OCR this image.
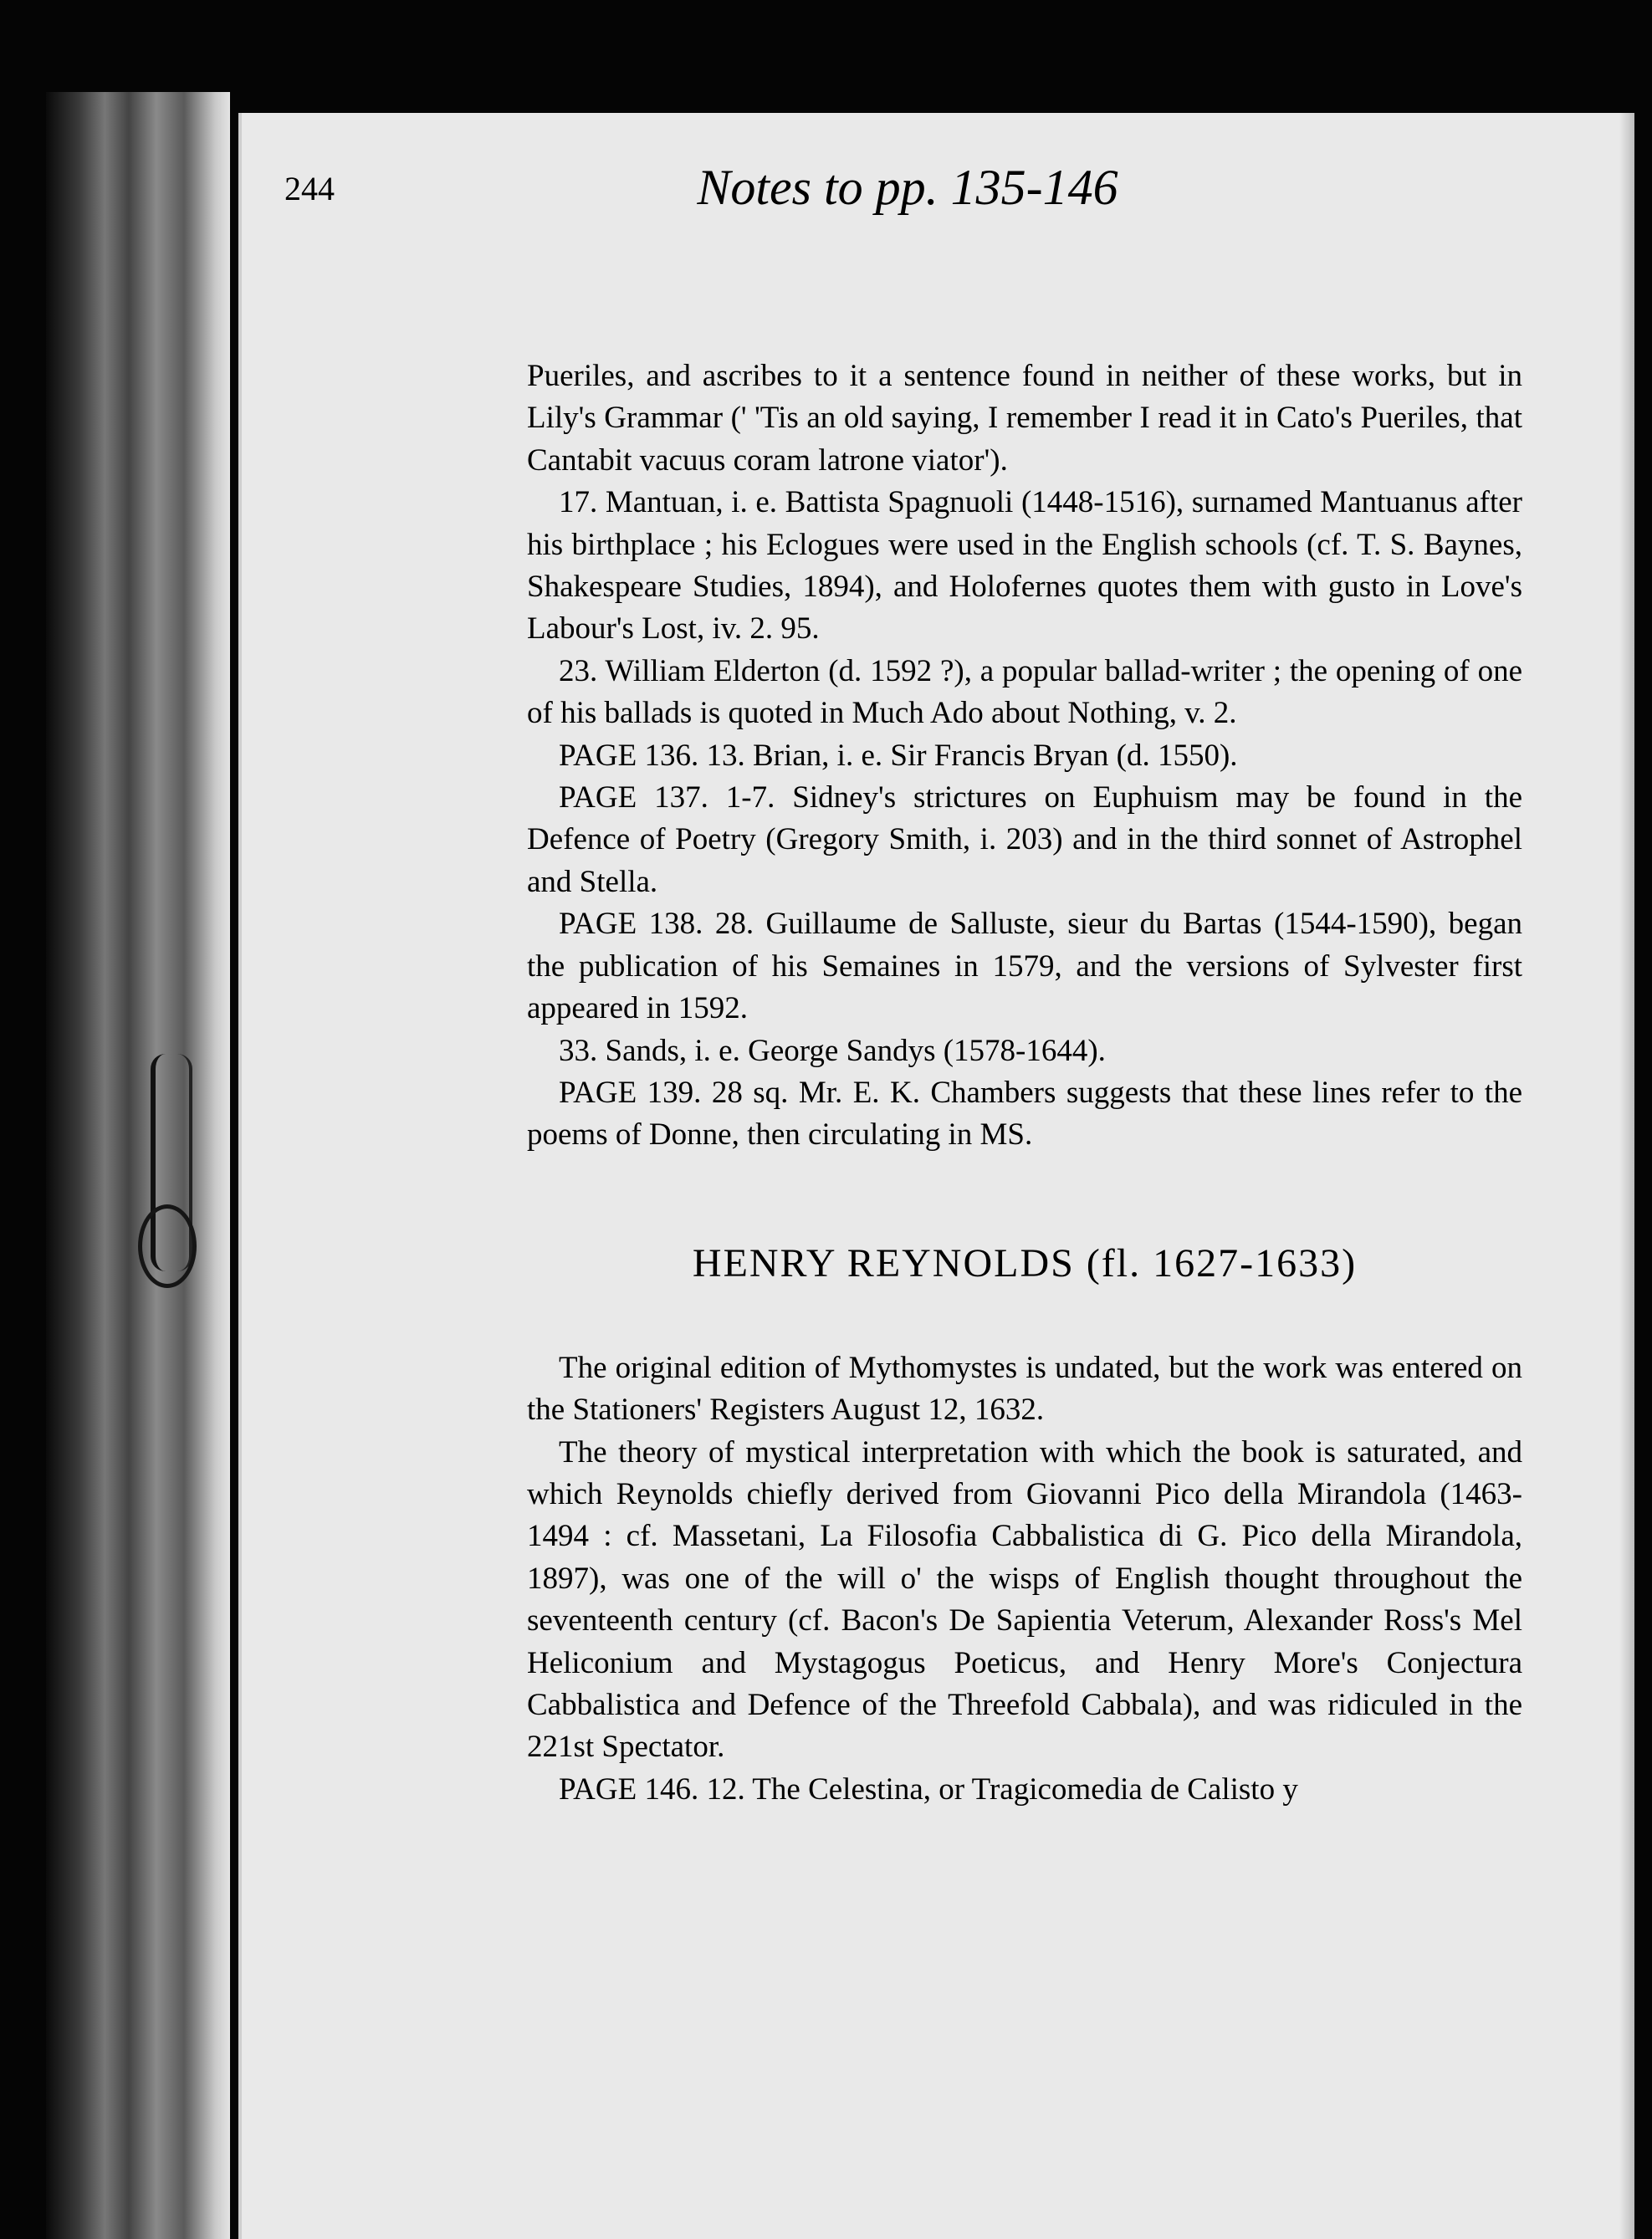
244	Notes to pp. 135-146

Pueriles, and ascribes to it a sentence found in neither of these works, but in Lily's Grammar (' 'Tis an old saying, I remember I read it in Cato's Pueriles, that Cantabit vacuus coram latrone viator').

17. Mantuan, i. e. Battista Spagnuoli (1448-1516), surnamed Mantuanus after his birthplace ; his Eclogues were used in the English schools (cf. T. S. Baynes, Shakespeare Studies, 1894), and Holofernes quotes them with gusto in Love's Labour's Lost, iv. 2. 95.

23. William Elderton (d. 1592 ?), a popular ballad-writer ; the opening of one of his ballads is quoted in Much Ado about Nothing, v. 2.

PAGE 136. 13. Brian, i. e. Sir Francis Bryan (d. 1550).

PAGE 137. 1-7. Sidney's strictures on Euphuism may be found in the Defence of Poetry (Gregory Smith, i. 203) and in the third sonnet of Astrophel and Stella.

PAGE 138. 28. Guillaume de Salluste, sieur du Bartas (1544-1590), began the publication of his Semaines in 1579, and the versions of Sylvester first appeared in 1592.

33. Sands, i. e. George Sandys (1578-1644).

PAGE 139. 28 sq. Mr. E. K. Chambers suggests that these lines refer to the poems of Donne, then circulating in MS.

HENRY REYNOLDS (fl. 1627-1633)

The original edition of Mythomystes is undated, but the work was entered on the Stationers' Registers August 12, 1632.

The theory of mystical interpretation with which the book is saturated, and which Reynolds chiefly derived from Giovanni Pico della Mirandola (1463-1494 : cf. Massetani, La Filosofia Cabbalistica di G. Pico della Mirandola, 1897), was one of the will o' the wisps of English thought throughout the seventeenth century (cf. Bacon's De Sapientia Veterum, Alexander Ross's Mel Heliconium and Mystagogus Poeticus, and Henry More's Conjectura Cabbalistica and Defence of the Threefold Cabbala), and was ridiculed in the 221st Spectator.

PAGE 146. 12. The Celestina, or Tragicomedia de Calisto y
